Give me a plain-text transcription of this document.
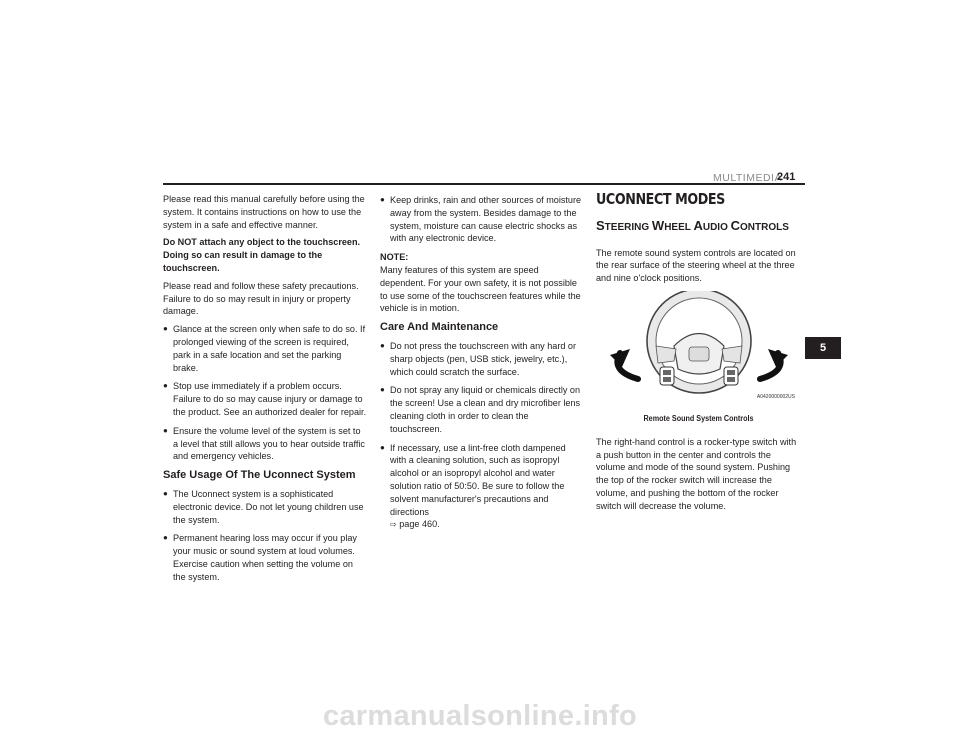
MULTIMEDIA
241

Please read this manual carefully before using the system. It contains instructions on how to use the system in a safe and effective manner.

Do NOT attach any object to the touchscreen. Doing so can result in damage to the touchscreen.

Please read and follow these safety precautions. Failure to do so may result in injury or property damage.

● Glance at the screen only when safe to do so. If prolonged viewing of the screen is required, park in a safe location and set the parking brake.
● Stop use immediately if a problem occurs. Failure to do so may cause injury or damage to the product. See an authorized dealer for repair.
● Ensure the volume level of the system is set to a level that still allows you to hear outside traffic and emergency vehicles.
Safe Usage Of The Uconnect System
● The Uconnect system is a sophisticated electronic device. Do not let young children use the system.
● Permanent hearing loss may occur if you play your music or sound system at loud volumes. Exercise caution when setting the volume on the system.
● Keep drinks, rain and other sources of moisture away from the system. Besides damage to the system, moisture can cause electric shocks as with any electronic device.
NOTE:

Many features of this system are speed dependent. For your own safety, it is not possible to use some of the touchscreen features while the vehicle is in motion.

Care And Maintenance
● Do not press the touchscreen with any hard or sharp objects (pen, USB stick, jewelry, etc.), which could scratch the surface.
● Do not spray any liquid or chemicals directly on the screen! Use a clean and dry microfiber lens cleaning cloth in order to clean the touchscreen.
● If necessary, use a lint-free cloth dampened with a cleaning solution, such as isopropyl alcohol or an isopropyl alcohol and water solution ratio of 50:50. Be sure to follow the solvent manufacturer's precautions and directions
⇨ page 460.
UCONNECT MODES
STEERING WHEEL AUDIO CONTROLS

The remote sound system controls are located on the rear surface of the steering wheel at the three and nine o'clock positions.

A0420000002US
Remote Sound System Controls

The right-hand control is a rocker-type switch with a push button in the center and controls the volume and mode of the sound system. Pushing the top of the rocker switch will increase the volume, and pushing the bottom of the rocker switch will decrease the volume.

5
carmanualsonline.info
